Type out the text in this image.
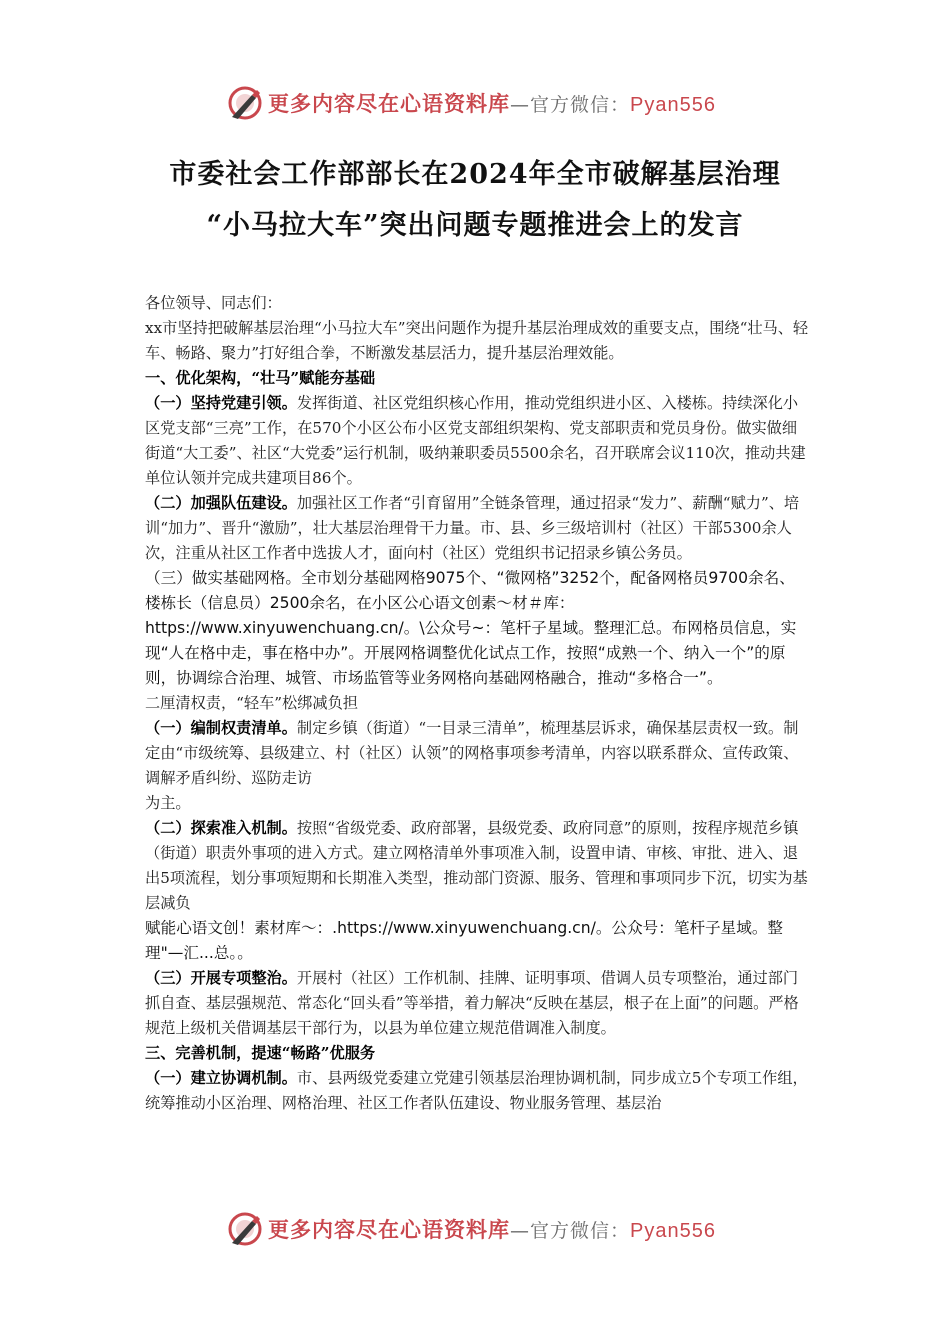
更多内容尽在心语资料库—官方微信：Pyan556
市委社会工作部部长在2024年全市破解基层治理
“小马拉大车”突出问题专题推进会上的发言

各位领导、同志们：

xx市坚持把破解基层治理“小马拉大车”突出问题作为提升基层治理成效的重要支点，围绕“壮马、轻车、畅路、聚力”打好组合拳，不断激发基层活力，提升基层治理效能。

一、优化架构，“壮马”赋能夯基础

（一）坚持党建引领。发挥街道、社区党组织核心作用，推动党组织进小区、入楼栋。持续深化小区党支部“三亮”工作，在570个小区公布小区党支部组织架构、党支部职责和党员身份。做实做细街道“大工委”、社区“大党委”运行机制，吸纳兼职委员5500余名，召开联席会议110次，推动共建单位认领并完成共建项目86个。

（二）加强队伍建设。加强社区工作者“引育留用”全链条管理，通过招录“发力”、薪酬“赋力”、培训“加力”、晋升“激励”，壮大基层治理骨干力量。市、县、乡三级培训村（社区）干部5300余人次，注重从社区工作者中选拔人才，面向村（社区）党组织书记招录乡镇公务员。

（三）做实基础网格。全市划分基础网格9075个、“微网格”3252个，配备网格员9700余名、楼栋长（信息员）2500余名，在小区公心语文创素～材＃库：https://www.xinyuwenchuang.cn/。\公众号~：笔杆子星域。整理汇总。布网格员信息，实现“人在格中走，事在格中办”。开展网格调整优化试点工作，按照“成熟一个、纳入一个”的原则，协调综合治理、城管、市场监管等业务网格向基础网格融合，推动“多格合一”。

二厘清权责，“轻车”松绑减负担

（一）编制权责清单。制定乡镇（街道）“一目录三清单”，梳理基层诉求，确保基层责权一致。制定由“市级统筹、县级建立、村（社区）认领”的网格事项参考清单，内容以联系群众、宣传政策、调解矛盾纠纷、巡防走访

为主。

（二）探索准入机制。按照“省级党委、政府部署，县级党委、政府同意”的原则，按程序规范乡镇（街道）职责外事项的进入方式。建立网格清单外事项准入制，设置申请、审核、审批、进入、退出5项流程，划分事项短期和长期准入类型，推动部门资源、服务、管理和事项同步下沉，切实为基层减负

赋能心语文创！素材库～：.https://www.xinyuwenchuang.cn/。公众号：笔杆子星域。整理"—汇...总。。

（三）开展专项整治。开展村（社区）工作机制、挂牌、证明事项、借调人员专项整治，通过部门抓自查、基层强规范、常态化“回头看”等举措，着力解决“反映在基层，根子在上面”的问题。严格规范上级机关借调基层干部行为，以县为单位建立规范借调准入制度。

三、完善机制，提速“畅路”优服务

（一）建立协调机制。市、县两级党委建立党建引领基层治理协调机制，同步成立5个专项工作组，统筹推动小区治理、网格治理、社区工作者队伍建设、物业服务管理、基层治

更多内容尽在心语资料库—官方微信：Pyan556
